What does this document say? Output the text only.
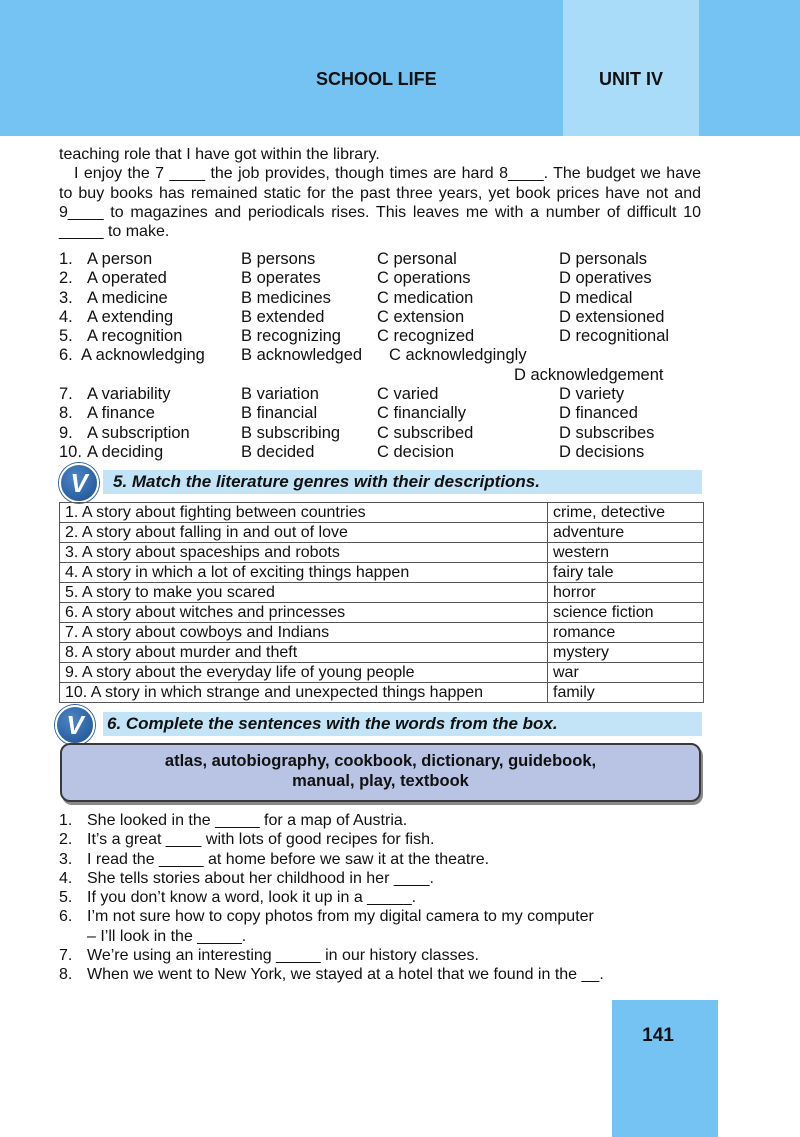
SCHOOL LIFE	UNIT IV

teaching role that I have got within the library.

I enjoy the 7 ____ the job provides, though times are hard 8____. The budget we have to buy books has remained static for the past three years, yet book prices have not and 9____ to magazines and periodicals rises. This leaves me with a number of difficult 10 _____ to make.

1. A person	B persons	C personal	D personals
2. A operated	B operates	C operations	D operatives
3. A medicine	B medicines	C medication	D medical
4. A extending	B extended	C extension	D extensioned
5. A recognition	B recognizing C recognized	D recognitional
6. A acknowledging B acknowledged C acknowledgingly
D acknowledgement
7. A variability	B variation	C varied	D variety
8. A finance	B financial	C financially	D financed
9. A subscription	B subscribing C subscribed	D subscribes
10. A deciding	B decided	C decision	D decisions
V	5. Match the literature genres with their descriptions.
1. A story about fighting between countries	crime, detective
2. A story about falling in and out of love	adventure
3. A story about spaceships and robots	western
4. A story in which a lot of exciting things happen	fairy tale
5. A story to make you scared	horror
6. A story about witches and princesses	science fiction
7. A story about cowboys and Indians	romance
8. A story about murder and theft	mystery
9. A story about the everyday life of young people	war
10. A story in which strange and unexpected things happen	family
V	6. Complete the sentences with the words from the box.
atlas, autobiography, cookbook, dictionary, guidebook,
manual, play, textbook
1. She looked in the _____ for a map of Austria.
2. It’s a great ____ with lots of good recipes for fish.
3. I read the _____ at home before we saw it at the theatre.
4. She tells stories about her childhood in her ____.
5. If you don’t know a word, look it up in a _____.
6. I’m not sure how to copy photos from my digital camera to my computer
– I’ll look in the _____.
7. We’re using an interesting _____ in our history classes.
8. When we went to New York, we stayed at a hotel that we found in the __.
141
